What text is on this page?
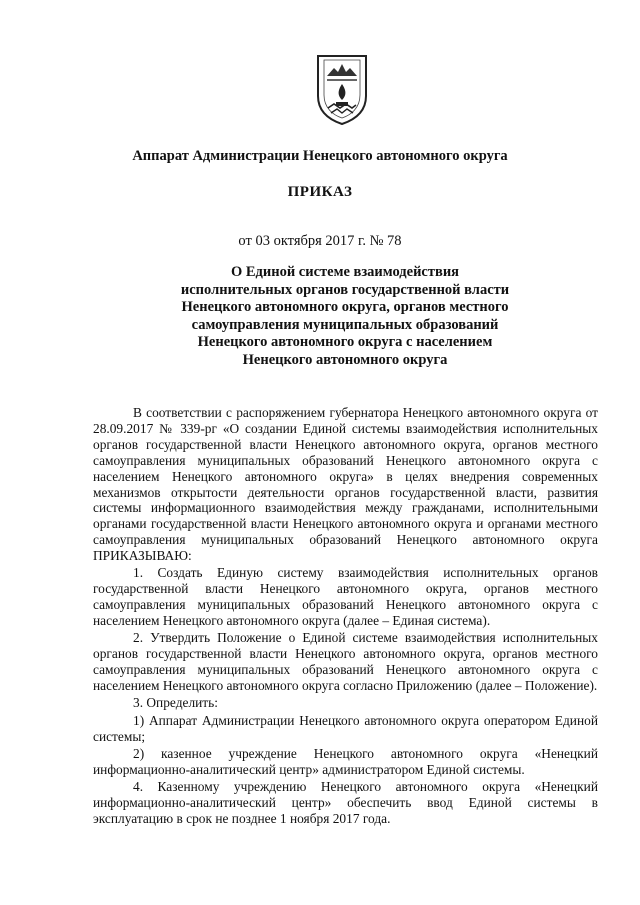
Аппарат Администрации Ненецкого автономного округа
ПРИКАЗ
от 03 октября 2017 г. № 78
О Единой системе взаимодействия
исполнительных органов государственной власти
Ненецкого автономного округа, органов местного
самоуправления муниципальных образований
Ненецкого автономного округа с населением
Ненецкого автономного округа

В соответствии с распоряжением губернатора Ненецкого автономного округа от 28.09.2017 № 339-рг «О создании Единой системы взаимодействия исполнительных органов государственной власти Ненецкого автономного округа, органов местного самоуправления муниципальных образований Ненецкого автономного округа с населением Ненецкого автономного округа» в целях внедрения современных механизмов открытости деятельности органов государственной власти, развития системы информационного взаимодействия между гражданами, исполнительными органами государственной власти Ненецкого автономного округа и органами местного самоуправления муниципальных образований Ненецкого автономного округа ПРИКАЗЫВАЮ:

1. Создать Единую систему взаимодействия исполнительных органов государственной власти Ненецкого автономного округа, органов местного самоуправления муниципальных образований Ненецкого автономного округа с населением Ненецкого автономного округа (далее – Единая система).

2. Утвердить Положение о Единой системе взаимодействия исполнительных органов государственной власти Ненецкого автономного округа, органов местного самоуправления муниципальных образований Ненецкого автономного округа с населением Ненецкого автономного округа согласно Приложению (далее – Положение).

3. Определить:

1) Аппарат Администрации Ненецкого автономного округа оператором Единой системы;

2) казенное учреждение Ненецкого автономного округа «Ненецкий информационно-аналитический центр» администратором Единой системы.

4. Казенному учреждению Ненецкого автономного округа «Ненецкий информационно-аналитический центр» обеспечить ввод Единой системы в эксплуатацию в срок не позднее 1 ноября 2017 года.
